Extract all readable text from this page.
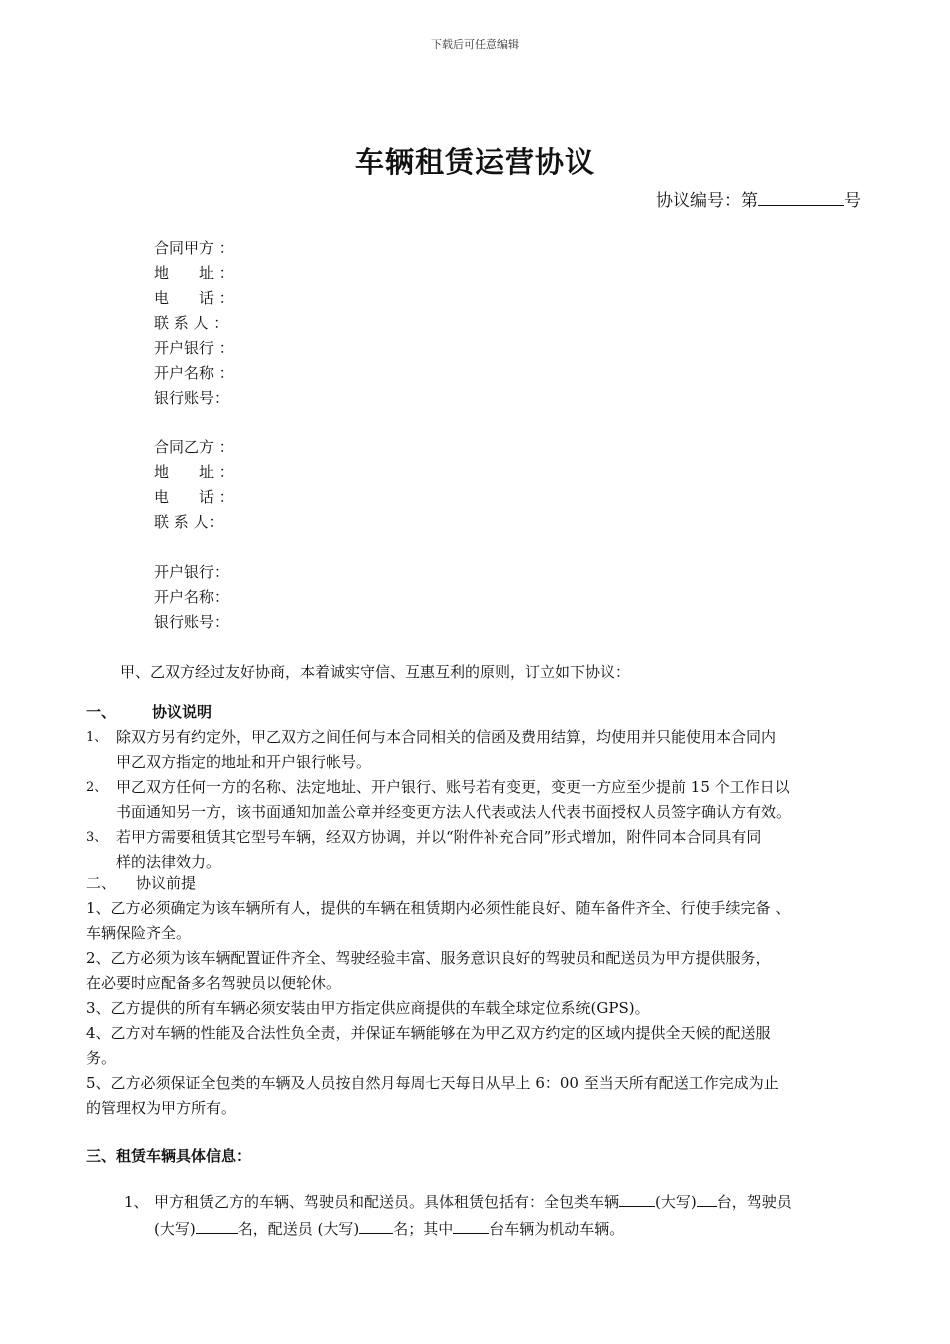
下载后可任意编辑
车辆租赁运营协议
协议编号：第	号
合同甲方 ：
地　　址 ：
电　　话 ：
联 系 人 ：
开户银行 ：
开户名称 ：
银行账号：
合同乙方 ：
地　　址 ：
电　　话 ：
联 系 人：
开户银行：
开户名称：
银行账号：
甲、乙双方经过友好协商，本着诚实守信、互惠互利的原则，订立如下协议：
一、 协议说明
1、 除双方另有约定外，甲乙双方之间任何与本合同相关的信函及费用结算，均使用并只能使用本合同内
甲乙双方指定的地址和开户银行帐号。
2、 甲乙双方任何一方的名称、法定地址、开户银行、账号若有变更，变更一方应至少提前 15 个工作日以
书面通知另一方，该书面通知加盖公章并经变更方法人代表或法人代表书面授权人员签字确认方有效。
3、 若甲方需要租赁其它型号车辆，经双方协调，并以“附件补充合同”形式增加，附件同本合同具有同
样的法律效力。
二、 协议前提
1、乙方必须确定为该车辆所有人，提供的车辆在租赁期内必须性能良好、随车备件齐全、行使手续完备 、
车辆保险齐全。
2、乙方必须为该车辆配置证件齐全、驾驶经验丰富、服务意识良好的驾驶员和配送员为甲方提供服务，
在必要时应配备多名驾驶员以便轮休。
3、乙方提供的所有车辆必须安装由甲方指定供应商提供的车载全球定位系统(GPS)。
4、乙方对车辆的性能及合法性负全责，并保证车辆能够在为甲乙双方约定的区域内提供全天候的配送服
务。
5、乙方必须保证全包类的车辆及人员按自然月每周七天每日从早上 6：00 至当天所有配送工作完成为止
的管理权为甲方所有。
三、租赁车辆具体信息：
1、 甲方租赁乙方的车辆、驾驶员和配送员。具体租赁包括有：全包类车辆 (大写) 台，驾驶员
(大写)	名，配送员 (大写) 名；其中 台车辆为机动车辆。
